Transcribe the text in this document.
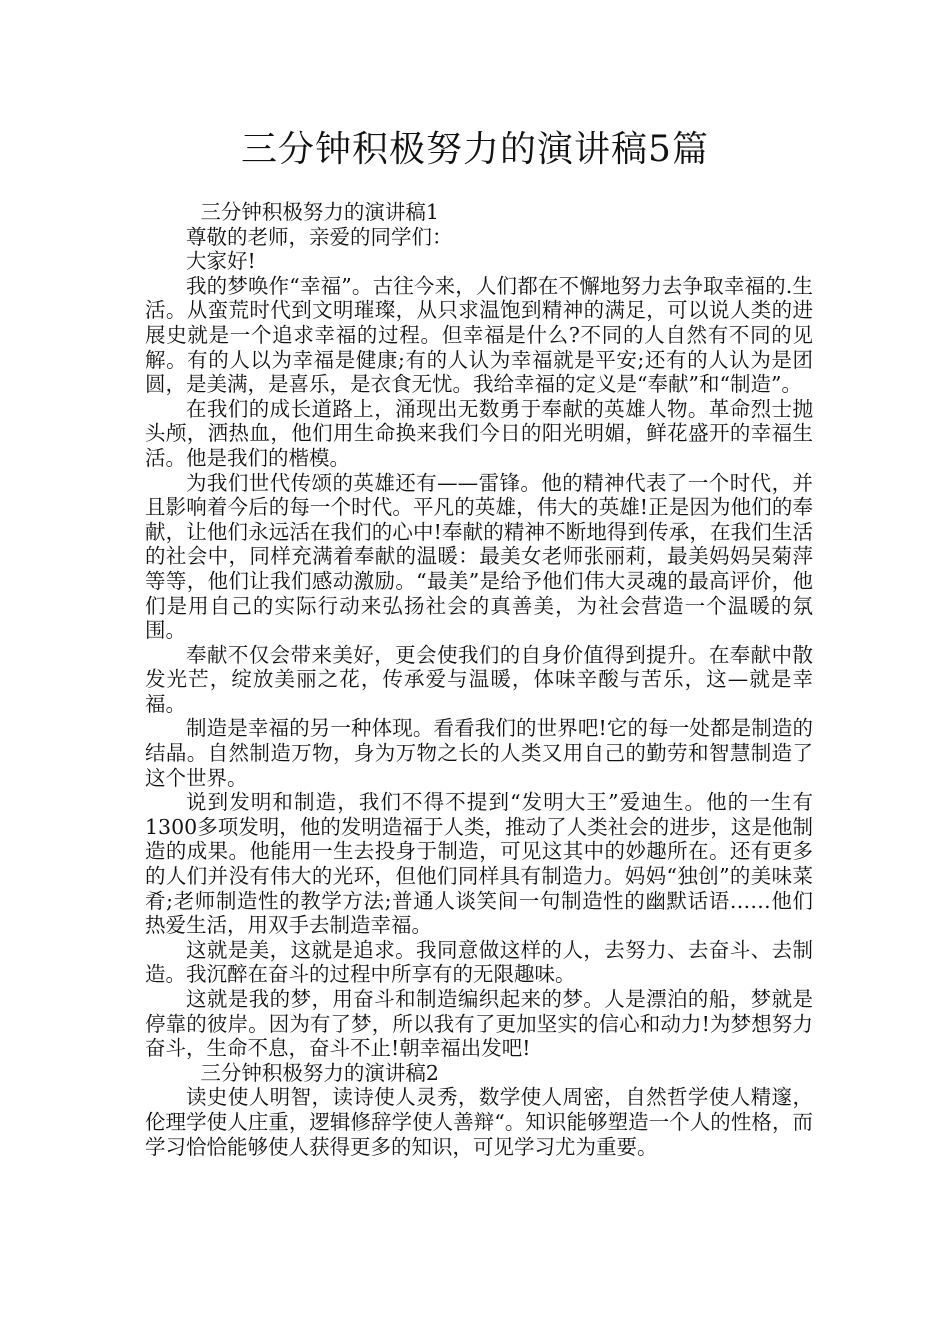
三分钟积极努力的演讲稿5篇

三分钟积极努力的演讲稿1

尊敬的老师，亲爱的同学们：

大家好!

我的梦唤作“幸福”。古往今来，人们都在不懈地努力去争取幸福的.生活。从蛮荒时代到文明璀璨，从只求温饱到精神的满足，可以说人类的进展史就是一个追求幸福的过程。但幸福是什么?不同的人自然有不同的见解。有的人以为幸福是健康;有的人认为幸福就是平安;还有的人认为是团圆，是美满，是喜乐，是衣食无忧。我给幸福的定义是“奉献”和“制造”。

在我们的成长道路上，涌现出无数勇于奉献的英雄人物。革命烈士抛头颅，洒热血，他们用生命换来我们今日的阳光明媚，鲜花盛开的幸福生活。他是我们的楷模。

为我们世代传颂的英雄还有——雷锋。他的精神代表了一个时代，并且影响着今后的每一个时代。平凡的英雄，伟大的英雄!正是因为他们的奉献，让他们永远活在我们的心中!奉献的精神不断地得到传承，在我们生活的社会中，同样充满着奉献的温暖：最美女老师张丽莉，最美妈妈吴菊萍等等，他们让我们感动激励。“最美”是给予他们伟大灵魂的最高评价，他们是用自己的实际行动来弘扬社会的真善美，为社会营造一个温暖的氛围。

奉献不仅会带来美好，更会使我们的自身价值得到提升。在奉献中散发光芒，绽放美丽之花，传承爱与温暖，体味辛酸与苦乐，这—就是幸福。

制造是幸福的另一种体现。看看我们的世界吧!它的每一处都是制造的结晶。自然制造万物，身为万物之长的人类又用自己的勤劳和智慧制造了这个世界。

说到发明和制造，我们不得不提到“发明大王”爱迪生。他的一生有1300多项发明，他的发明造福于人类，推动了人类社会的进步，这是他制造的成果。他能用一生去投身于制造，可见这其中的妙趣所在。还有更多的人们并没有伟大的光环，但他们同样具有制造力。妈妈“独创”的美味菜肴;老师制造性的教学方法;普通人谈笑间一句制造性的幽默话语……他们热爱生活，用双手去制造幸福。

这就是美，这就是追求。我同意做这样的人，去努力、去奋斗、去制造。我沉醉在奋斗的过程中所享有的无限趣味。

这就是我的梦，用奋斗和制造编织起来的梦。人是漂泊的船，梦就是停靠的彼岸。因为有了梦，所以我有了更加坚实的信心和动力!为梦想努力奋斗，生命不息，奋斗不止!朝幸福出发吧!

三分钟积极努力的演讲稿2

读史使人明智，读诗使人灵秀，数学使人周密，自然哲学使人精邃，伦理学使人庄重，逻辑修辞学使人善辩“。知识能够塑造一个人的性格，而学习恰恰能够使人获得更多的知识，可见学习尤为重要。
